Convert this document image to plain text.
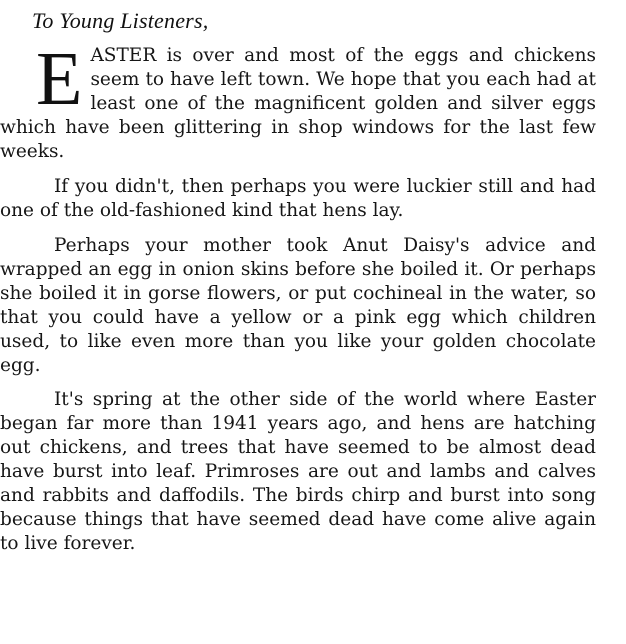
To Young Listeners,

EASTER is over and most of the eggs and chickens seem to have left town. We hope that you each had at least one of the magnificent golden and silver eggs which have been glittering in shop windows for the last few weeks.

If you didn't, then perhaps you were luckier still and had one of the old-fashioned kind that hens lay.

Perhaps your mother took Anut Daisy's advice and wrapped an egg in onion skins before she boiled it. Or perhaps she boiled it in gorse flowers, or put cochineal in the water, so that you could have a yellow or a pink egg which children used, to like even more than you like your golden chocolate egg.

It's spring at the other side of the world where Easter began far more than 1941 years ago, and hens are hatching out chickens, and trees that have seemed to be almost dead have burst into leaf. Primroses are out and lambs and calves and rabbits and daffodils. The birds chirp and burst into song because things that have seemed dead have come alive again to live forever.
